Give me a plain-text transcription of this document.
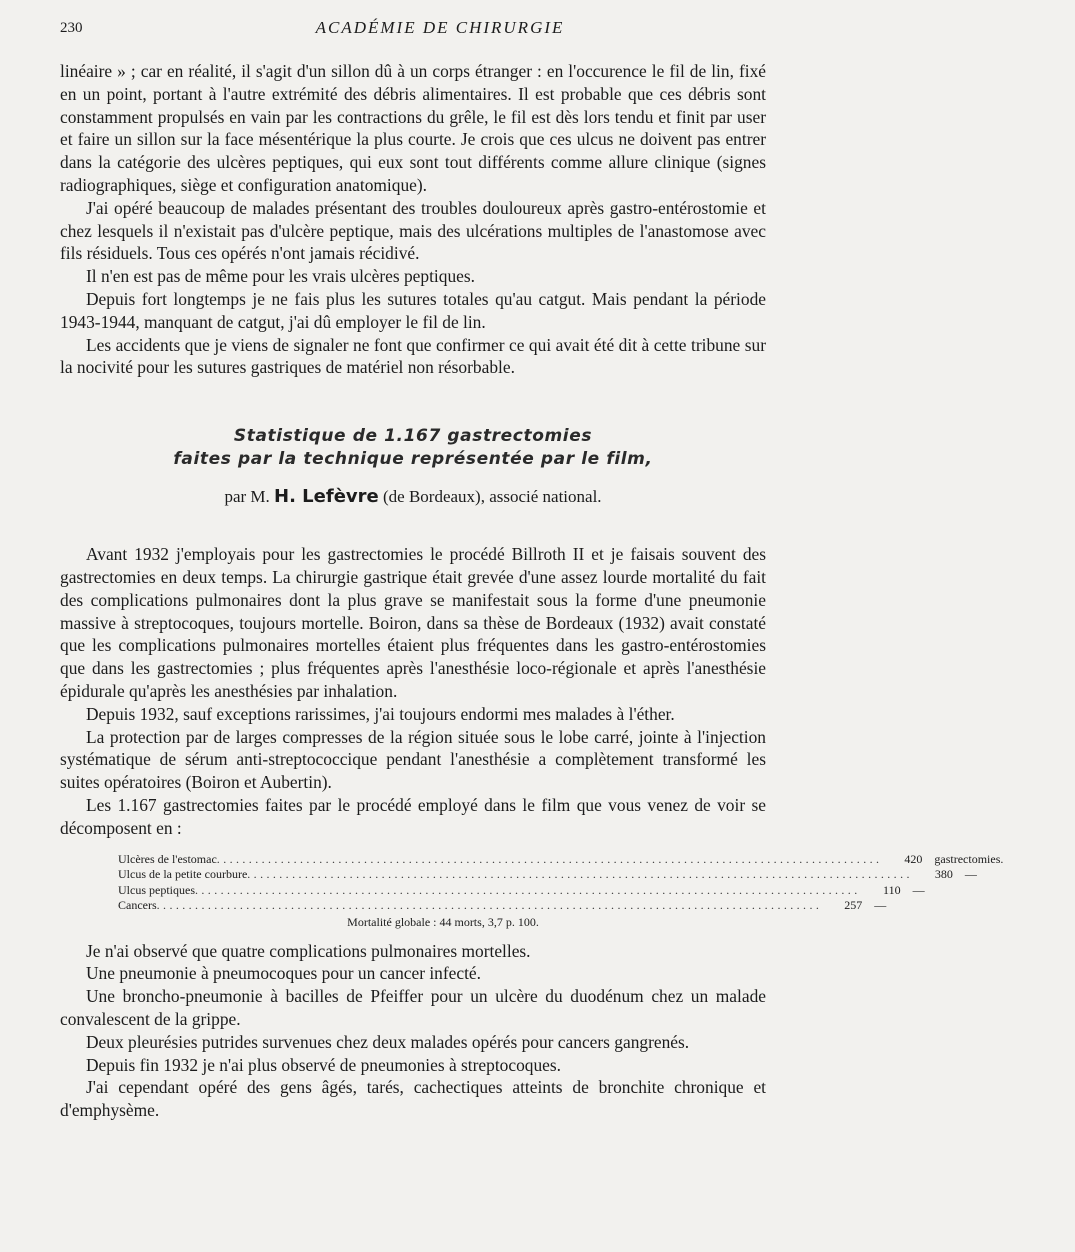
230	ACADÉMIE DE CHIRURGIE

linéaire » ; car en réalité, il s'agit d'un sillon dû à un corps étranger : en l'occurence le fil de lin, fixé en un point, portant à l'autre extrémité des débris alimentaires. Il est probable que ces débris sont constamment propulsés en vain par les contractions du grêle, le fil est dès lors tendu et finit par user et faire un sillon sur la face mésentérique la plus courte. Je crois que ces ulcus ne doivent pas entrer dans la catégorie des ulcères peptiques, qui eux sont tout différents comme allure clinique (signes radiographiques, siège et configuration anatomique).

J'ai opéré beaucoup de malades présentant des troubles douloureux après gastro-entérostomie et chez lesquels il n'existait pas d'ulcère peptique, mais des ulcérations multiples de l'anastomose avec fils résiduels. Tous ces opérés n'ont jamais récidivé.

Il n'en est pas de même pour les vrais ulcères peptiques.

Depuis fort longtemps je ne fais plus les sutures totales qu'au catgut. Mais pendant la période 1943-1944, manquant de catgut, j'ai dû employer le fil de lin.

Les accidents que je viens de signaler ne font que confirmer ce qui avait été dit à cette tribune sur la nocivité pour les sutures gastriques de matériel non résorbable.

Statistique de 1.167 gastrectomies
faites par la technique représentée par le film,
par M. H. Lefèvre (de Bordeaux), associé national.

Avant 1932 j'employais pour les gastrectomies le procédé Billroth II et je faisais souvent des gastrectomies en deux temps. La chirurgie gastrique était grevée d'une assez lourde mortalité du fait des complications pulmonaires dont la plus grave se manifestait sous la forme d'une pneumonie massive à streptocoques, toujours mortelle. Boiron, dans sa thèse de Bordeaux (1932) avait constaté que les complications pulmonaires mortelles étaient plus fréquentes dans les gastro-entérostomies que dans les gastrectomies ; plus fréquentes après l'anesthésie loco-régionale et après l'anesthésie épidurale qu'après les anesthésies par inhalation.

Depuis 1932, sauf exceptions rarissimes, j'ai toujours endormi mes malades à l'éther.

La protection par de larges compresses de la région située sous le lobe carré, jointe à l'injection systématique de sérum anti-streptococcique pendant l'anesthésie a complètement transformé les suites opératoires (Boiron et Aubertin).

Les 1.167 gastrectomies faites par le procédé employé dans le film que vous venez de voir se décomposent en :

Ulcères de l'estomac ........................................................................................................	420	gastrectomies.
Ulcus de la petite courbure ........................................................................................................	380	—
Ulcus peptiques ........................................................................................................	110	—
Cancers ........................................................................................................	257	—
Mortalité globale : 44 morts, 3,7 p. 100.

Je n'ai observé que quatre complications pulmonaires mortelles.

Une pneumonie à pneumocoques pour un cancer infecté.

Une broncho-pneumonie à bacilles de Pfeiffer pour un ulcère du duodénum chez un malade convalescent de la grippe.

Deux pleurésies putrides survenues chez deux malades opérés pour cancers gangrenés.

Depuis fin 1932 je n'ai plus observé de pneumonies à streptocoques.

J'ai cependant opéré des gens âgés, tarés, cachectiques atteints de bronchite chronique et d'emphysème.
